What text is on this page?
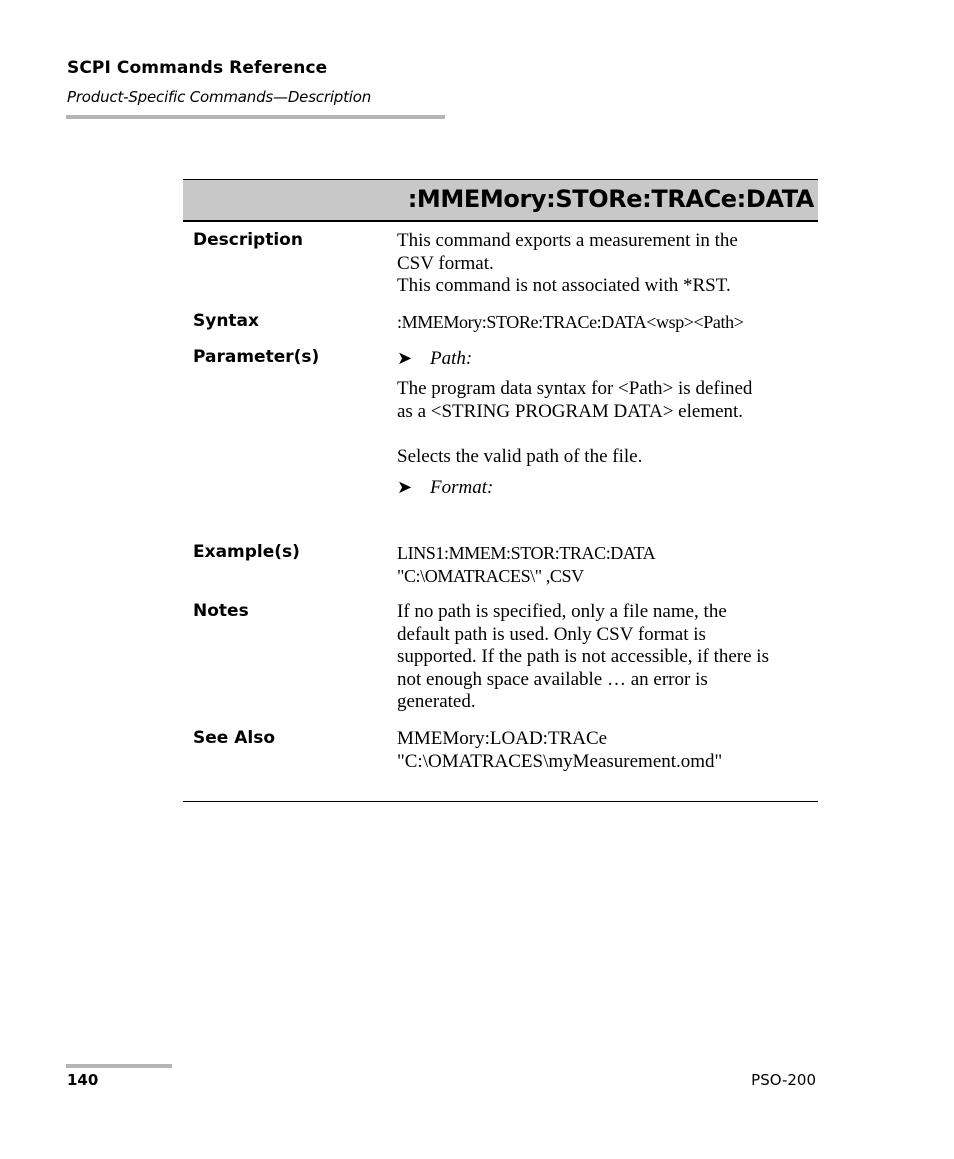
SCPI Commands Reference
Product-Specific Commands—Description
:MMEMory:STORe:TRACe:DATA
Description	This command exports a measurement in the
CSV format.
This command is not associated with *RST.
Syntax	:MMEMory:STORe:TRACe:DATA<wsp><Path>
Parameter(s)	➤ Path:
The program data syntax for <Path> is defined
as a <STRING PROGRAM DATA> element.
Selects the valid path of the file.
➤ Format:
Example(s)	LINS1:MMEM:STOR:TRAC:DATA
"C:\OMATRACES\" ,CSV
Notes	If no path is specified, only a file name, the
default path is used. Only CSV format is
supported. If the path is not accessible, if there is
not enough space available … an error is
generated.
See Also	MMEMory:LOAD:TRACe
"C:\OMATRACES\myMeasurement.omd"
140	PSO-200
